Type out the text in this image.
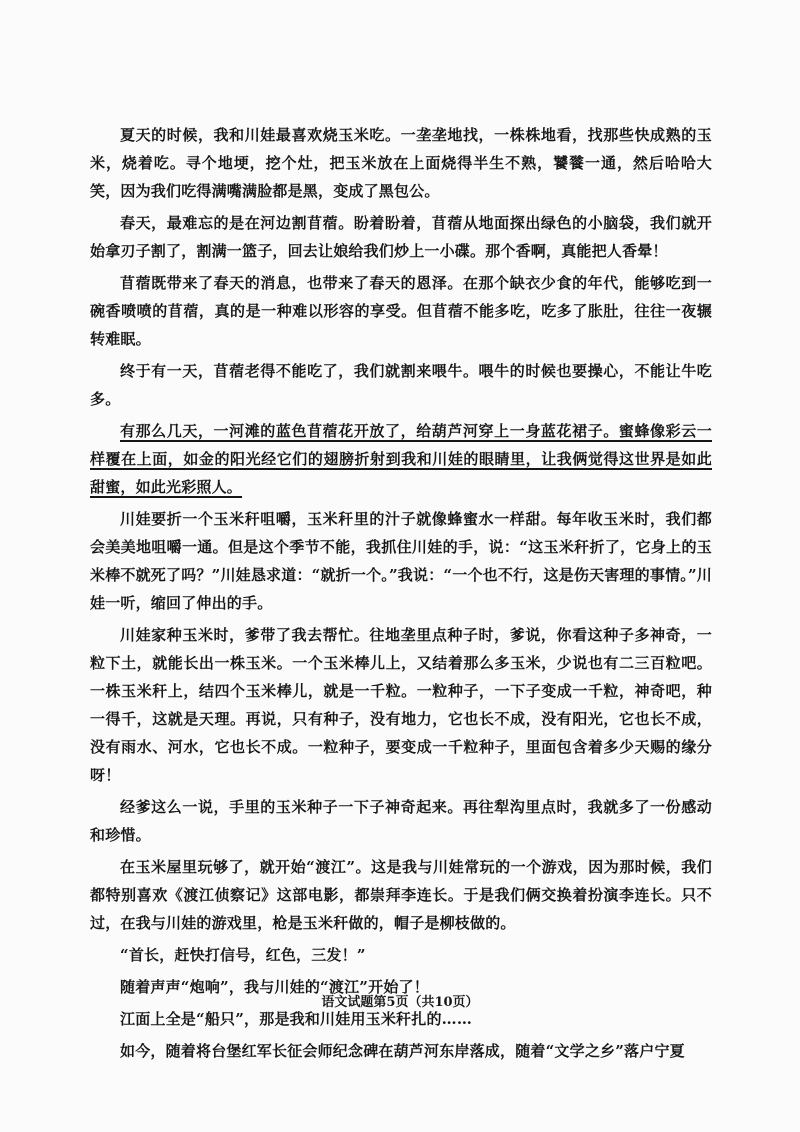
夏天的时候，我和川娃最喜欢烧玉米吃。一垄垄地找，一株株地看，找那些快成熟的玉米，烧着吃。寻个地埂，挖个灶，把玉米放在上面烧得半生不熟，饕餮一通，然后哈哈大笑，因为我们吃得满嘴满脸都是黑，变成了黑包公。

春天，最难忘的是在河边割苜蓿。盼着盼着，苜蓿从地面探出绿色的小脑袋，我们就开始拿刃子割了，割满一篮子，回去让娘给我们炒上一小碟。那个香啊，真能把人香晕！

苜蓿既带来了春天的消息，也带来了春天的恩泽。在那个缺衣少食的年代，能够吃到一碗香喷喷的苜蓿，真的是一种难以形容的享受。但苜蓿不能多吃，吃多了胀肚，往往一夜辗转难眠。

终于有一天，苜蓿老得不能吃了，我们就割来喂牛。喂牛的时候也要操心，不能让牛吃多。

有那么几天，一河滩的蓝色苜蓿花开放了，给葫芦河穿上一身蓝花裙子。蜜蜂像彩云一样覆在上面，如金的阳光经它们的翅膀折射到我和川娃的眼睛里，让我俩觉得这世界是如此甜蜜，如此光彩照人。

川娃要折一个玉米秆咀嚼，玉米秆里的汁子就像蜂蜜水一样甜。每年收玉米时，我们都会美美地咀嚼一通。但是这个季节不能，我抓住川娃的手，说：“这玉米秆折了，它身上的玉米棒不就死了吗？”川娃恳求道：“就折一个。”我说：“一个也不行，这是伤天害理的事情。”川娃一听，缩回了伸出的手。

川娃家种玉米时，爹带了我去帮忙。往地垄里点种子时，爹说，你看这种子多神奇，一粒下土，就能长出一株玉米。一个玉米棒儿上，又结着那么多玉米，少说也有二三百粒吧。一株玉米秆上，结四个玉米棒儿，就是一千粒。一粒种子，一下子变成一千粒，神奇吧，种一得千，这就是天理。再说，只有种子，没有地力，它也长不成，没有阳光，它也长不成，没有雨水、河水，它也长不成。一粒种子，要变成一千粒种子，里面包含着多少天赐的缘分呀！

经爹这么一说，手里的玉米种子一下子神奇起来。再往犁沟里点时，我就多了一份感动和珍惜。

在玉米屋里玩够了，就开始“渡江”。这是我与川娃常玩的一个游戏，因为那时候，我们都特别喜欢《渡江侦察记》这部电影，都崇拜李连长。于是我们俩交换着扮演李连长。只不过，在我与川娃的游戏里，枪是玉米秆做的，帽子是柳枝做的。

“首长，赶快打信号，红色，三发！”

随着声声“炮响”，我与川娃的“渡江”开始了！

江面上全是“船只”，那是我和川娃用玉米秆扎的……

如今，随着将台堡红军长征会师纪念碑在葫芦河东岸落成，随着“文学之乡”落户宁夏

语文试题第5页（共10页）
